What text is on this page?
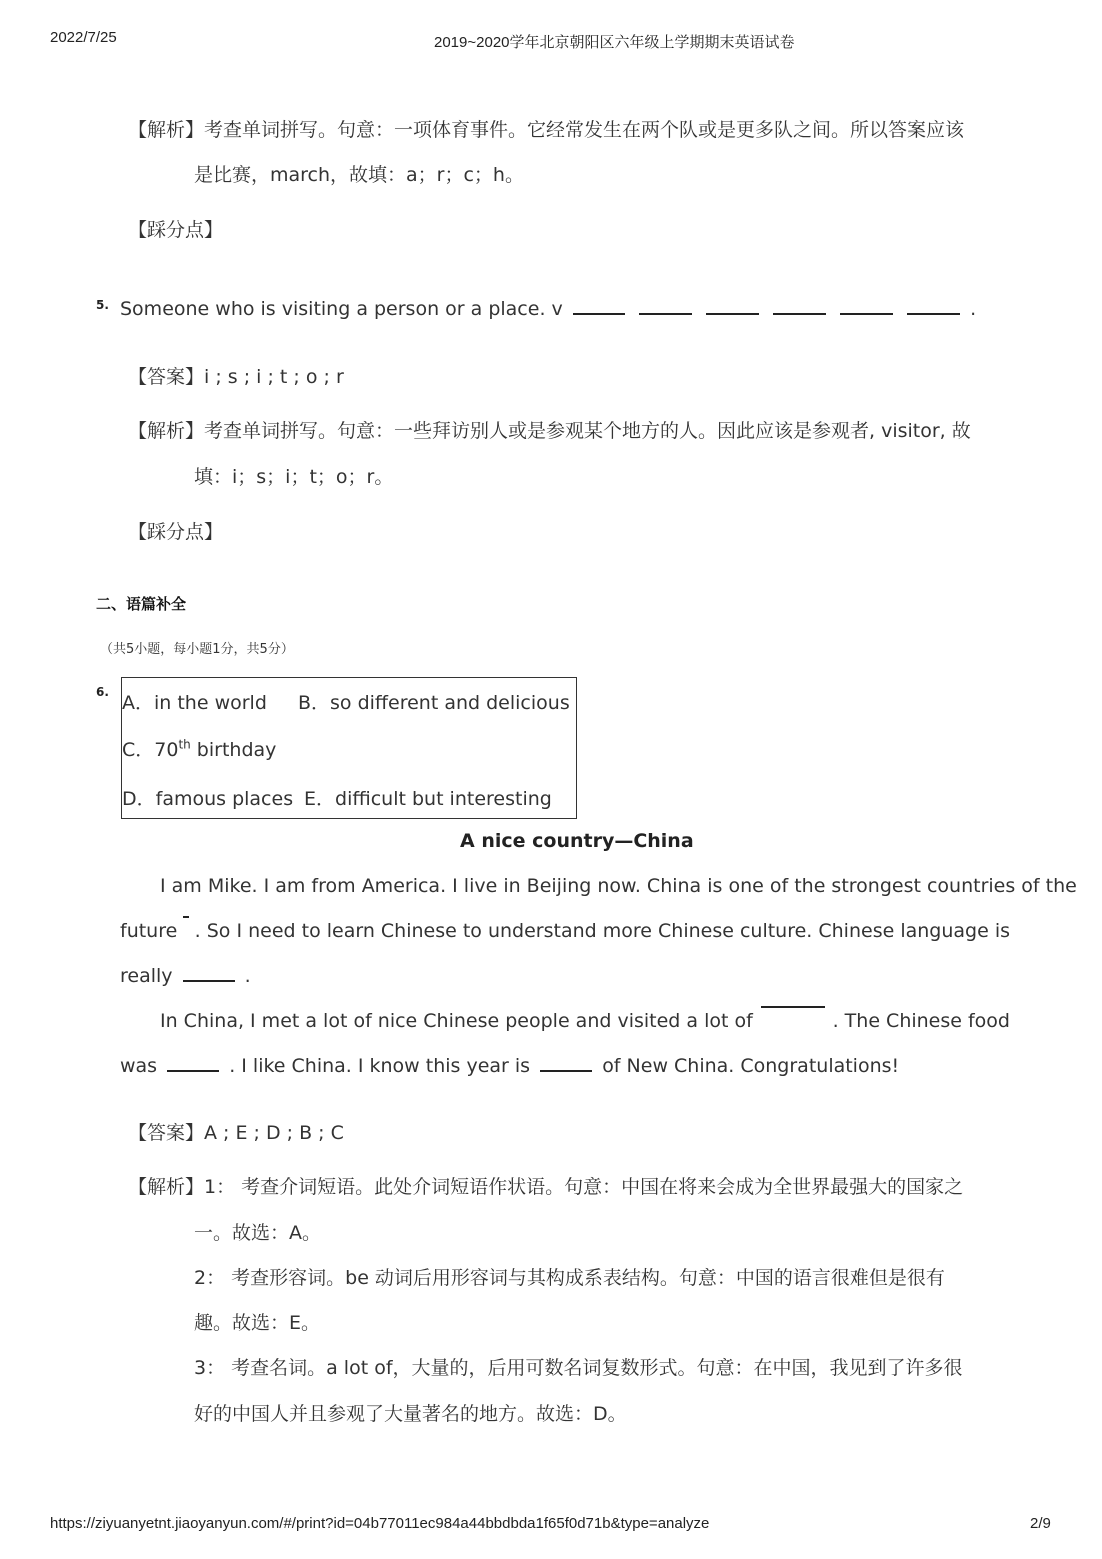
2022/7/25	2019~2020学年北京朝阳区六年级上学期期末英语试卷
【解析】考查单词拼写。句意：一项体育事件。它经常发生在两个队或是更多队之间。所以答案应该
是比赛，march，故填：a；r；c；h。
【踩分点】
5. Someone who is visiting a person or a place. v	.
【答案】i ; s ; i ; t ; o ; r
【解析】考查单词拼写。句意：一些拜访别人或是参观某个地方的人。因此应该是参观者, visitor, 故
填：i；s；i；t；o；r。
【踩分点】
二、语篇补全
（共5小题，每小题1分，共5分）
6. A．in the world B．so different and delicious
C．70th birthday
D．famous places E．difficult but interesting
A nice country—China
I am Mike. I am from America. I live in Beijing now. China is one of the strongest countries of the
future . So I need to learn Chinese to understand more Chinese culture. Chinese language is
really	.
In China, I met a lot of nice Chinese people and visited a lot of	. The Chinese food
was	. I like China. I know this year is	of New China. Congratulations!
【答案】A ; E ; D ; B ; C
【解析】1： 考查介词短语。此处介词短语作状语。句意：中国在将来会成为全世界最强大的国家之
一。故选：A。
2： 考查形容词。be 动词后用形容词与其构成系表结构。句意：中国的语言很难但是很有
趣。故选：E。
3： 考查名词。a lot of，大量的，后用可数名词复数形式。句意：在中国，我见到了许多很
好的中国人并且参观了大量著名的地方。故选：D。
https://ziyuanyetnt.jiaoyanyun.com/#/print?id=04b77011ec984a44bbdbda1f65f0d71b&type=analyze	2/9
